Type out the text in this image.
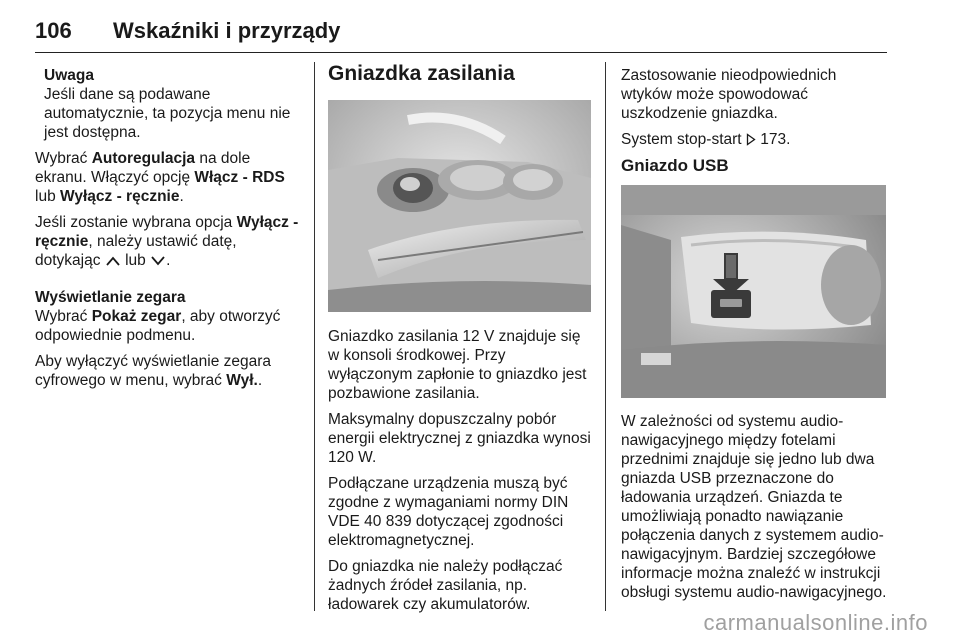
106 Wskaźniki i przyrządy
Uwaga
Jeśli dane są podawane automatycznie, ta pozycja menu nie jest dostępna.

Wybrać Autoregulacja na dole ekranu. Włączyć opcję Włącz - RDS lub Wyłącz - ręcznie.

Jeśli zostanie wybrana opcja Wyłącz - ręcznie, należy ustawić datę, dotykając  lub .

Wyświetlanie zegara

Wybrać Pokaż zegar, aby otworzyć odpowiednie podmenu.

Aby wyłączyć wyświetlanie zegara cyfrowego w menu, wybrać Wył..

Gniazdka zasilania

Gniazdko zasilania 12 V znajduje się w konsoli środkowej. Przy wyłączonym zapłonie to gniazdko jest pozbawione zasilania.

Maksymalny dopuszczalny pobór energii elektrycznej z gniazdka wynosi 120 W.

Podłączane urządzenia muszą być zgodne z wymaganiami normy DIN VDE 40 839 dotyczącej zgodności elektromagnetycznej.

Do gniazdka nie należy podłączać żadnych źródeł zasilania, np. ładowarek czy akumulatorów.

Zastosowanie nieodpowiednich wtyków może spowodować uszkodzenie gniazdka.

System stop-start  173.

Gniazdo USB

W zależności od systemu audio-nawigacyjnego między fotelami przednimi znajduje się jedno lub dwa gniazda USB przeznaczone do ładowania urządzeń. Gniazda te umożliwiają ponadto nawiązanie połączenia danych z systemem audio-nawigacyjnym. Bardziej szczegółowe informacje można znaleźć w instrukcji obsługi systemu audio-nawigacyjnego.

carmanualsonline.info
